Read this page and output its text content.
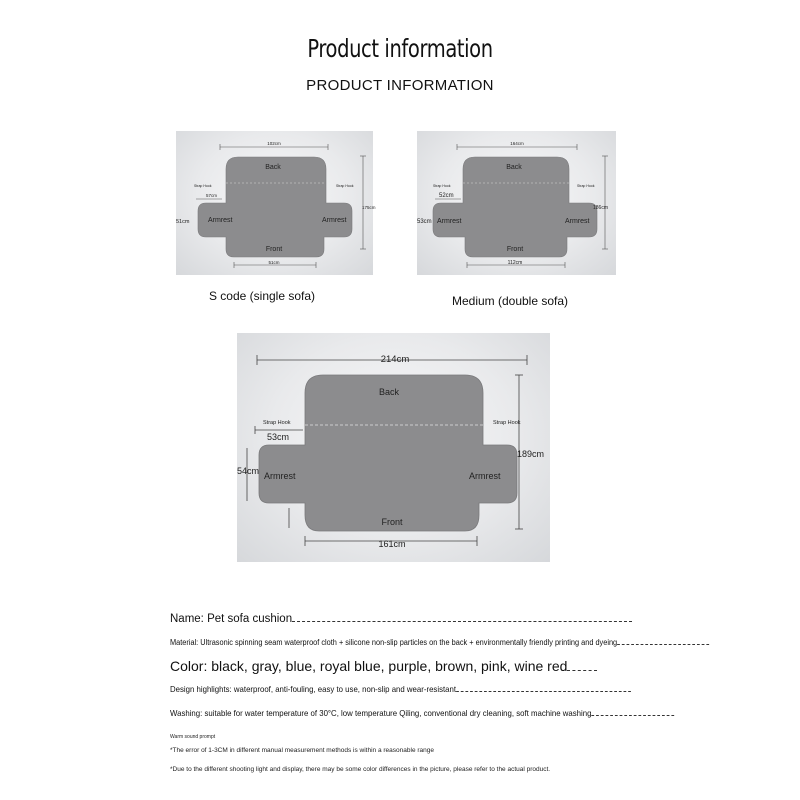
Product information
PRODUCT INFORMATION
Back
Front
Armrest	Armrest
Strap Hook	Strap Hook
102cm
175cm
57cm
51cm
51cm
S code (single sofa)
Back
Front
Armrest	Armrest
Strap Hook	Strap Hook
164cm
186cm
52cm
53cm
112cm
Medium (double sofa)
Back
Front
Armrest	Armrest
Strap Hook	Strap Hook
214cm
189cm
53cm
54cm
161cm
Name: Pet sofa cushion
Material: Ultrasonic spinning seam waterproof cloth + silicone non-slip particles on the back + environmentally friendly printing and dyeing
Color: black, gray, blue, royal blue, purple, brown, pink, wine red
Design highlights: waterproof, anti-fouling, easy to use, non-slip and wear-resistant
Washing: suitable for water temperature of 30°C, low temperature Qiling, conventional dry cleaning, soft machine washing
Warm sound prompt
*The error of 1-3CM in different manual measurement methods is within a reasonable range
*Due to the different shooting light and display, there may be some color differences in the picture, please refer to the actual product.
